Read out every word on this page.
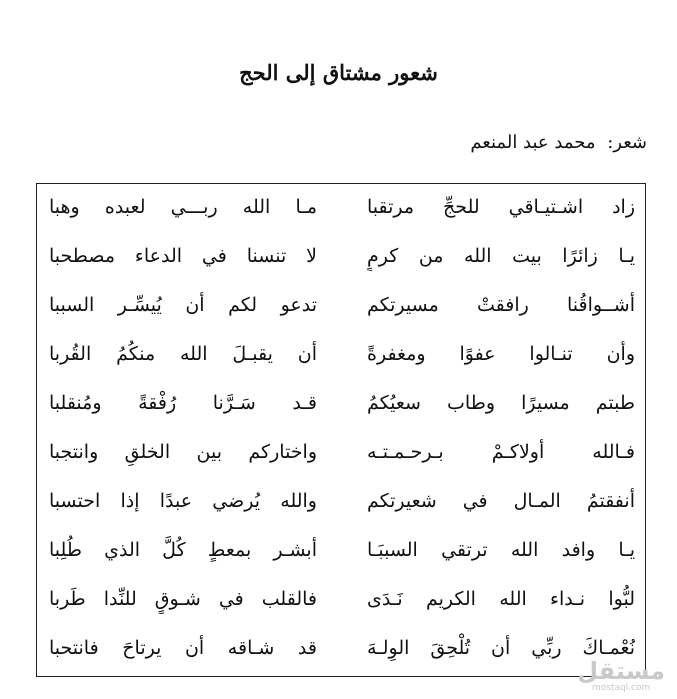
شعور مشتاق إلى الحج
شعر: محمد عبد المنعم
زاد اشـتيـاقي للحجِّ مرتقبا
مـا الله ربـــي لعبده وهبا
يـا زائرًا بيت الله من كرمٍ
لا تنسنا في الدعاء مصطحبا
أشــواقُنا رافقتْ مسيرتكم
تدعو لكم أن يُيسِّـر السببا
وأن تنـالوا عفوًا ومغفرةً
أن يقبـلَ الله منكُمُ القُربا
طبتم مسيرًا وطاب سعيُكمُ
قـد سَـرَّنا رُفْقةً ومُنقلبا
فـالله أولاكـمْ بـرحـمـتـه
واختاركم بين الخلقِ وانتجبا
أنفقتمُ المـال في شعيرتكم
والله يُرضي عبدًا إذا احتسبا
يـا وافد الله ترتقي السببَـا
أبشـر بمعطٍ كُلَّ الذي طُلِبا
لبُّوا نـداء الله الكريم نَـدَى
فالقلب في شـوقٍ للنِّدا طَربا
نُعْمـاكَ ربِّي أن تُلْحِقَ الوِلـهَ
قد شـاقه أن يرتاحَ فانتحبا
مستقل
mostaql.com
